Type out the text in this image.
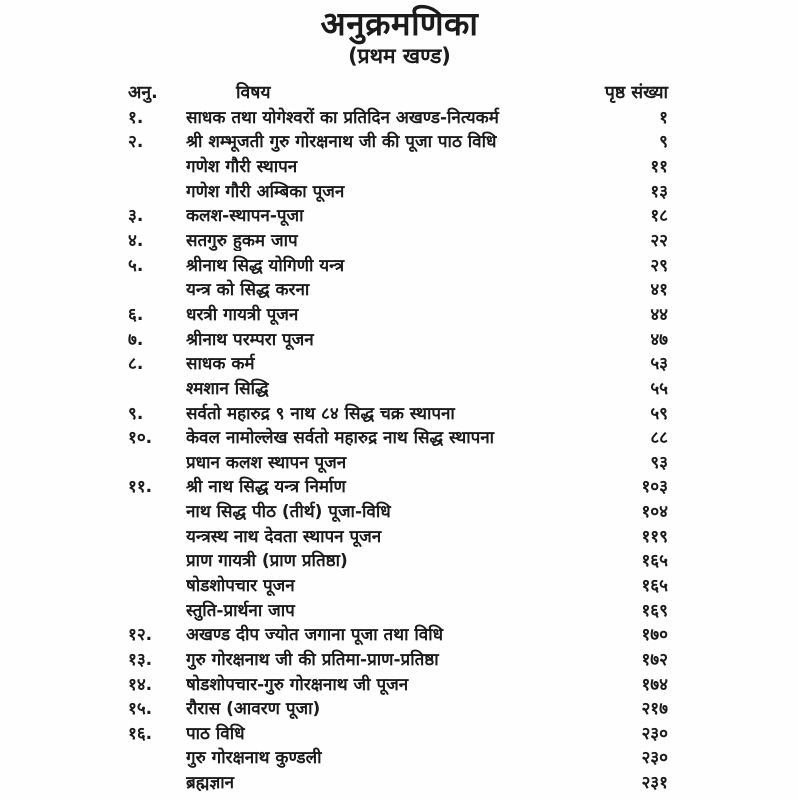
अनुक्रमणिका
(प्रथम खण्ड)
अनु.	विषय	पृष्ठ संख्या
१.	साधक तथा योगेश्वरों का प्रतिदिन अखण्ड-नित्यकर्म	१
२.	श्री शम्भूजती गुरु गोरक्षनाथ जी की पूजा पाठ विधि	९
गणेश गौरी स्थापन	११
गणेश गौरी अम्बिका पूजन	१३
३.	कलश-स्थापन-पूजा	१८
४.	सतगुरु हुकम जाप	२२
५.	श्रीनाथ सिद्ध योगिणी यन्त्र	२९
यन्त्र को सिद्ध करना	४१
६.	धरत्री गायत्री पूजन	४४
७.	श्रीनाथ परम्परा पूजन	४७
८.	साधक कर्म	५३
श्मशान सिद्धि	५५
९.	सर्वतो महारुद्र ९ नाथ ८४ सिद्ध चक्र स्थापना	५९
१०.	केवल नामोल्लेख सर्वतो महारुद्र नाथ सिद्ध स्थापना	८८
प्रधान कलश स्थापन पूजन	९३
११.	श्री नाथ सिद्ध यन्त्र निर्माण	१०३
नाथ सिद्ध पीठ (तीर्थ) पूजा-विधि	१०४
यन्त्रस्थ नाथ देवता स्थापन पूजन	११९
प्राण गायत्री (प्राण प्रतिष्ठा)	१६५
षोडशोपचार पूजन	१६५
स्तुति-प्रार्थना जाप	१६९
१२.	अखण्ड दीप ज्योत जगाना पूजा तथा विधि	१७०
१३.	गुरु गोरक्षनाथ जी की प्रतिमा-प्राण-प्रतिष्ठा	१७२
१४.	षोडशोपचार-गुरु गोरक्षनाथ जी पूजन	१७४
१५.	रौरास (आवरण पूजा)	२१७
१६.	पाठ विधि	२३०
गुरु गोरक्षनाथ कुण्डली	२३०
ब्रह्मज्ञान	२३१
